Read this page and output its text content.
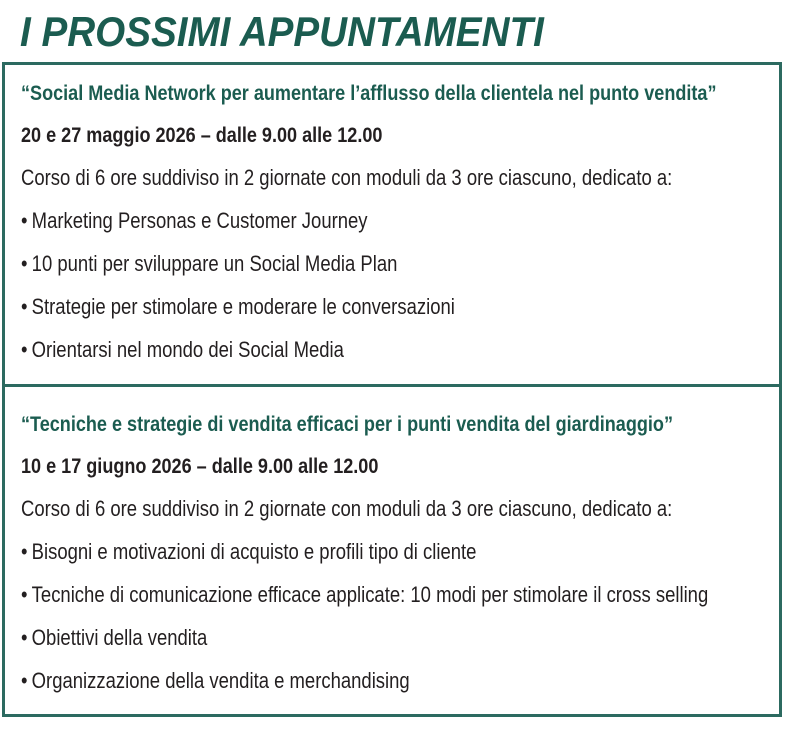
I PROSSIMI APPUNTAMENTI
“Social Media Network per aumentare l’afflusso della clientela nel punto vendita”
20 e 27 maggio 2026 – dalle 9.00 alle 12.00
Corso di 6 ore suddiviso in 2 giornate con moduli da 3 ore ciascuno, dedicato a:
• Marketing Personas e Customer Journey
• 10 punti per sviluppare un Social Media Plan
• Strategie per stimolare e moderare le conversazioni
• Orientarsi nel mondo dei Social Media
“Tecniche e strategie di vendita efficaci per i punti vendita del giardinaggio”
10 e 17 giugno 2026 – dalle 9.00 alle 12.00
Corso di 6 ore suddiviso in 2 giornate con moduli da 3 ore ciascuno, dedicato a:
• Bisogni e motivazioni di acquisto e profili tipo di cliente
• Tecniche di comunicazione efficace applicate: 10 modi per stimolare il cross selling
• Obiettivi della vendita
• Organizzazione della vendita e merchandising
